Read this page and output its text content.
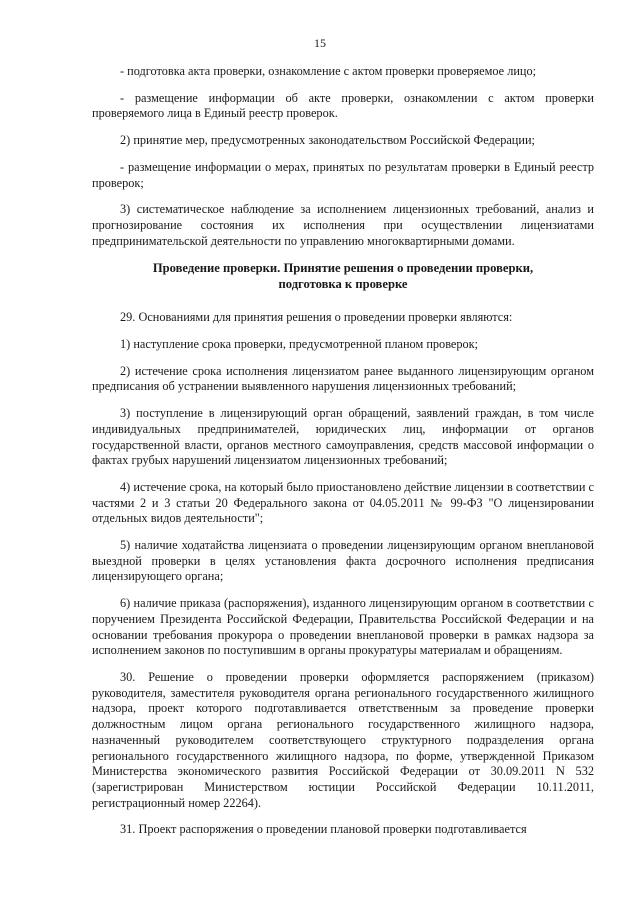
15

- подготовка акта проверки, ознакомление с актом проверки проверяемое лицо;

- размещение информации об акте проверки, ознакомлении с актом проверки проверяемого лица в Единый реестр проверок.

2) принятие мер, предусмотренных законодательством Российской Федерации;

- размещение информации о мерах, принятых по результатам проверки в Единый реестр проверок;

3) систематическое наблюдение за исполнением лицензионных требований, анализ и прогнозирование состояния их исполнения при осуществлении лицензиатами предпринимательской деятельности по управлению многоквартирными домами.

Проведение проверки. Принятие решения о проведении проверки,
подготовка к проверке

29. Основаниями для принятия решения о проведении проверки являются:

1) наступление срока проверки, предусмотренной планом проверок;

2) истечение срока исполнения лицензиатом ранее выданного лицензирующим органом предписания об устранении выявленного нарушения лицензионных требований;

3) поступление в лицензирующий орган обращений, заявлений граждан, в том числе индивидуальных предпринимателей, юридических лиц, информации от органов государственной власти, органов местного самоуправления, средств массовой информации о фактах грубых нарушений лицензиатом лицензионных требований;

4) истечение срока, на который было приостановлено действие лицензии в соответствии с частями 2 и 3 статьи 20 Федерального закона от 04.05.2011 № 99-ФЗ "О лицензировании отдельных видов деятельности";

5) наличие ходатайства лицензиата о проведении лицензирующим органом внеплановой выездной проверки в целях установления факта досрочного исполнения предписания лицензирующего органа;

6) наличие приказа (распоряжения), изданного лицензирующим органом в соответствии с поручением Президента Российской Федерации, Правительства Российской Федерации и на основании требования прокурора о проведении внеплановой проверки в рамках надзора за исполнением законов по поступившим в органы прокуратуры материалам и обращениям.

30. Решение о проведении проверки оформляется распоряжением (приказом) руководителя, заместителя руководителя органа регионального государственного жилищного надзора, проект которого подготавливается ответственным за проведение проверки должностным лицом органа регионального государственного жилищного надзора, назначенный руководителем соответствующего структурного подразделения органа регионального государственного жилищного надзора, по форме, утвержденной Приказом Министерства экономического развития Российской Федерации от 30.09.2011 N 532 (зарегистрирован Министерством юстиции Российской Федерации 10.11.2011, регистрационный номер 22264).

31. Проект распоряжения о проведении плановой проверки подготавливается
